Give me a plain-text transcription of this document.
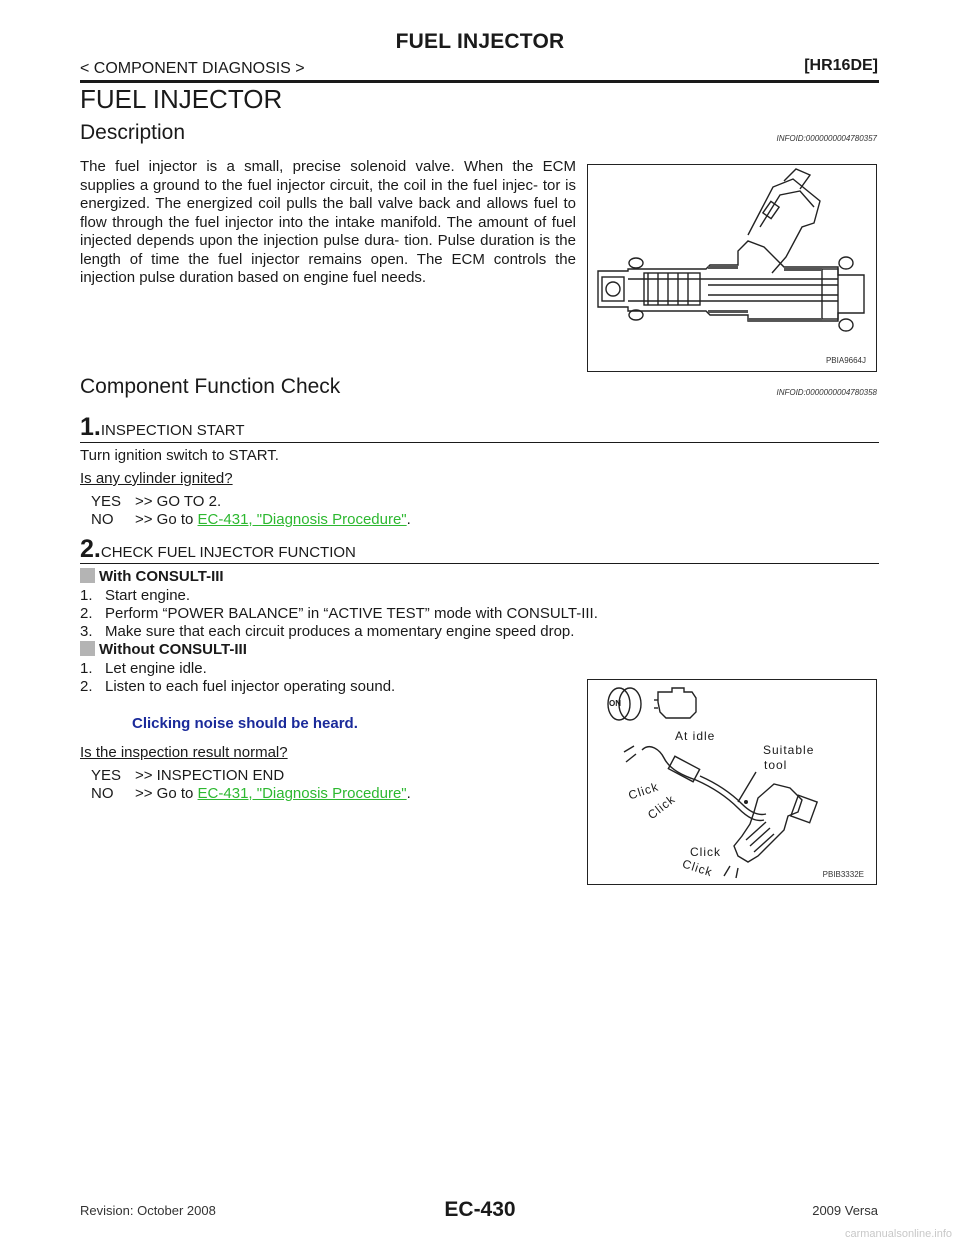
FUEL INJECTOR
< COMPONENT DIAGNOSIS >	[HR16DE]
FUEL INJECTOR
Description	INFOID:0000000004780357
The fuel injector is a small, precise solenoid valve. When the ECM supplies a ground to the fuel injector circuit, the coil in the fuel injec- tor is energized. The energized coil pulls the ball valve back and allows fuel to flow through the fuel injector into the intake manifold. The amount of fuel injected depends upon the injection pulse dura- tion. Pulse duration is the length of time the fuel injector remains open. The ECM controls the injection pulse duration based on engine fuel needs.
PBIA9664J
Component Function Check	INFOID:0000000004780358
1.INSPECTION START
Turn ignition switch to START.
Is any cylinder ignited?
YES >> GO TO 2.
NO >> Go to EC-431, "Diagnosis Procedure".
2.CHECK FUEL INJECTOR FUNCTION
With CONSULT-III
1.   Start engine.
2.   Perform “POWER BALANCE” in “ACTIVE TEST” mode with CONSULT-III.
3.   Make sure that each circuit produces a momentary engine speed drop.
Without CONSULT-III
1.   Let engine idle.
2.   Listen to each fuel injector operating sound.
Clicking noise should be heard.
Is the inspection result normal?
YES >> INSPECTION END
NO >> Go to EC-431, "Diagnosis Procedure".
ON
At idle
Suitable
tool
Click
Click
Click
Click	PBIB3332E
Revision: October 2008	EC-430	2009 Versa
carmanualsonline.info
